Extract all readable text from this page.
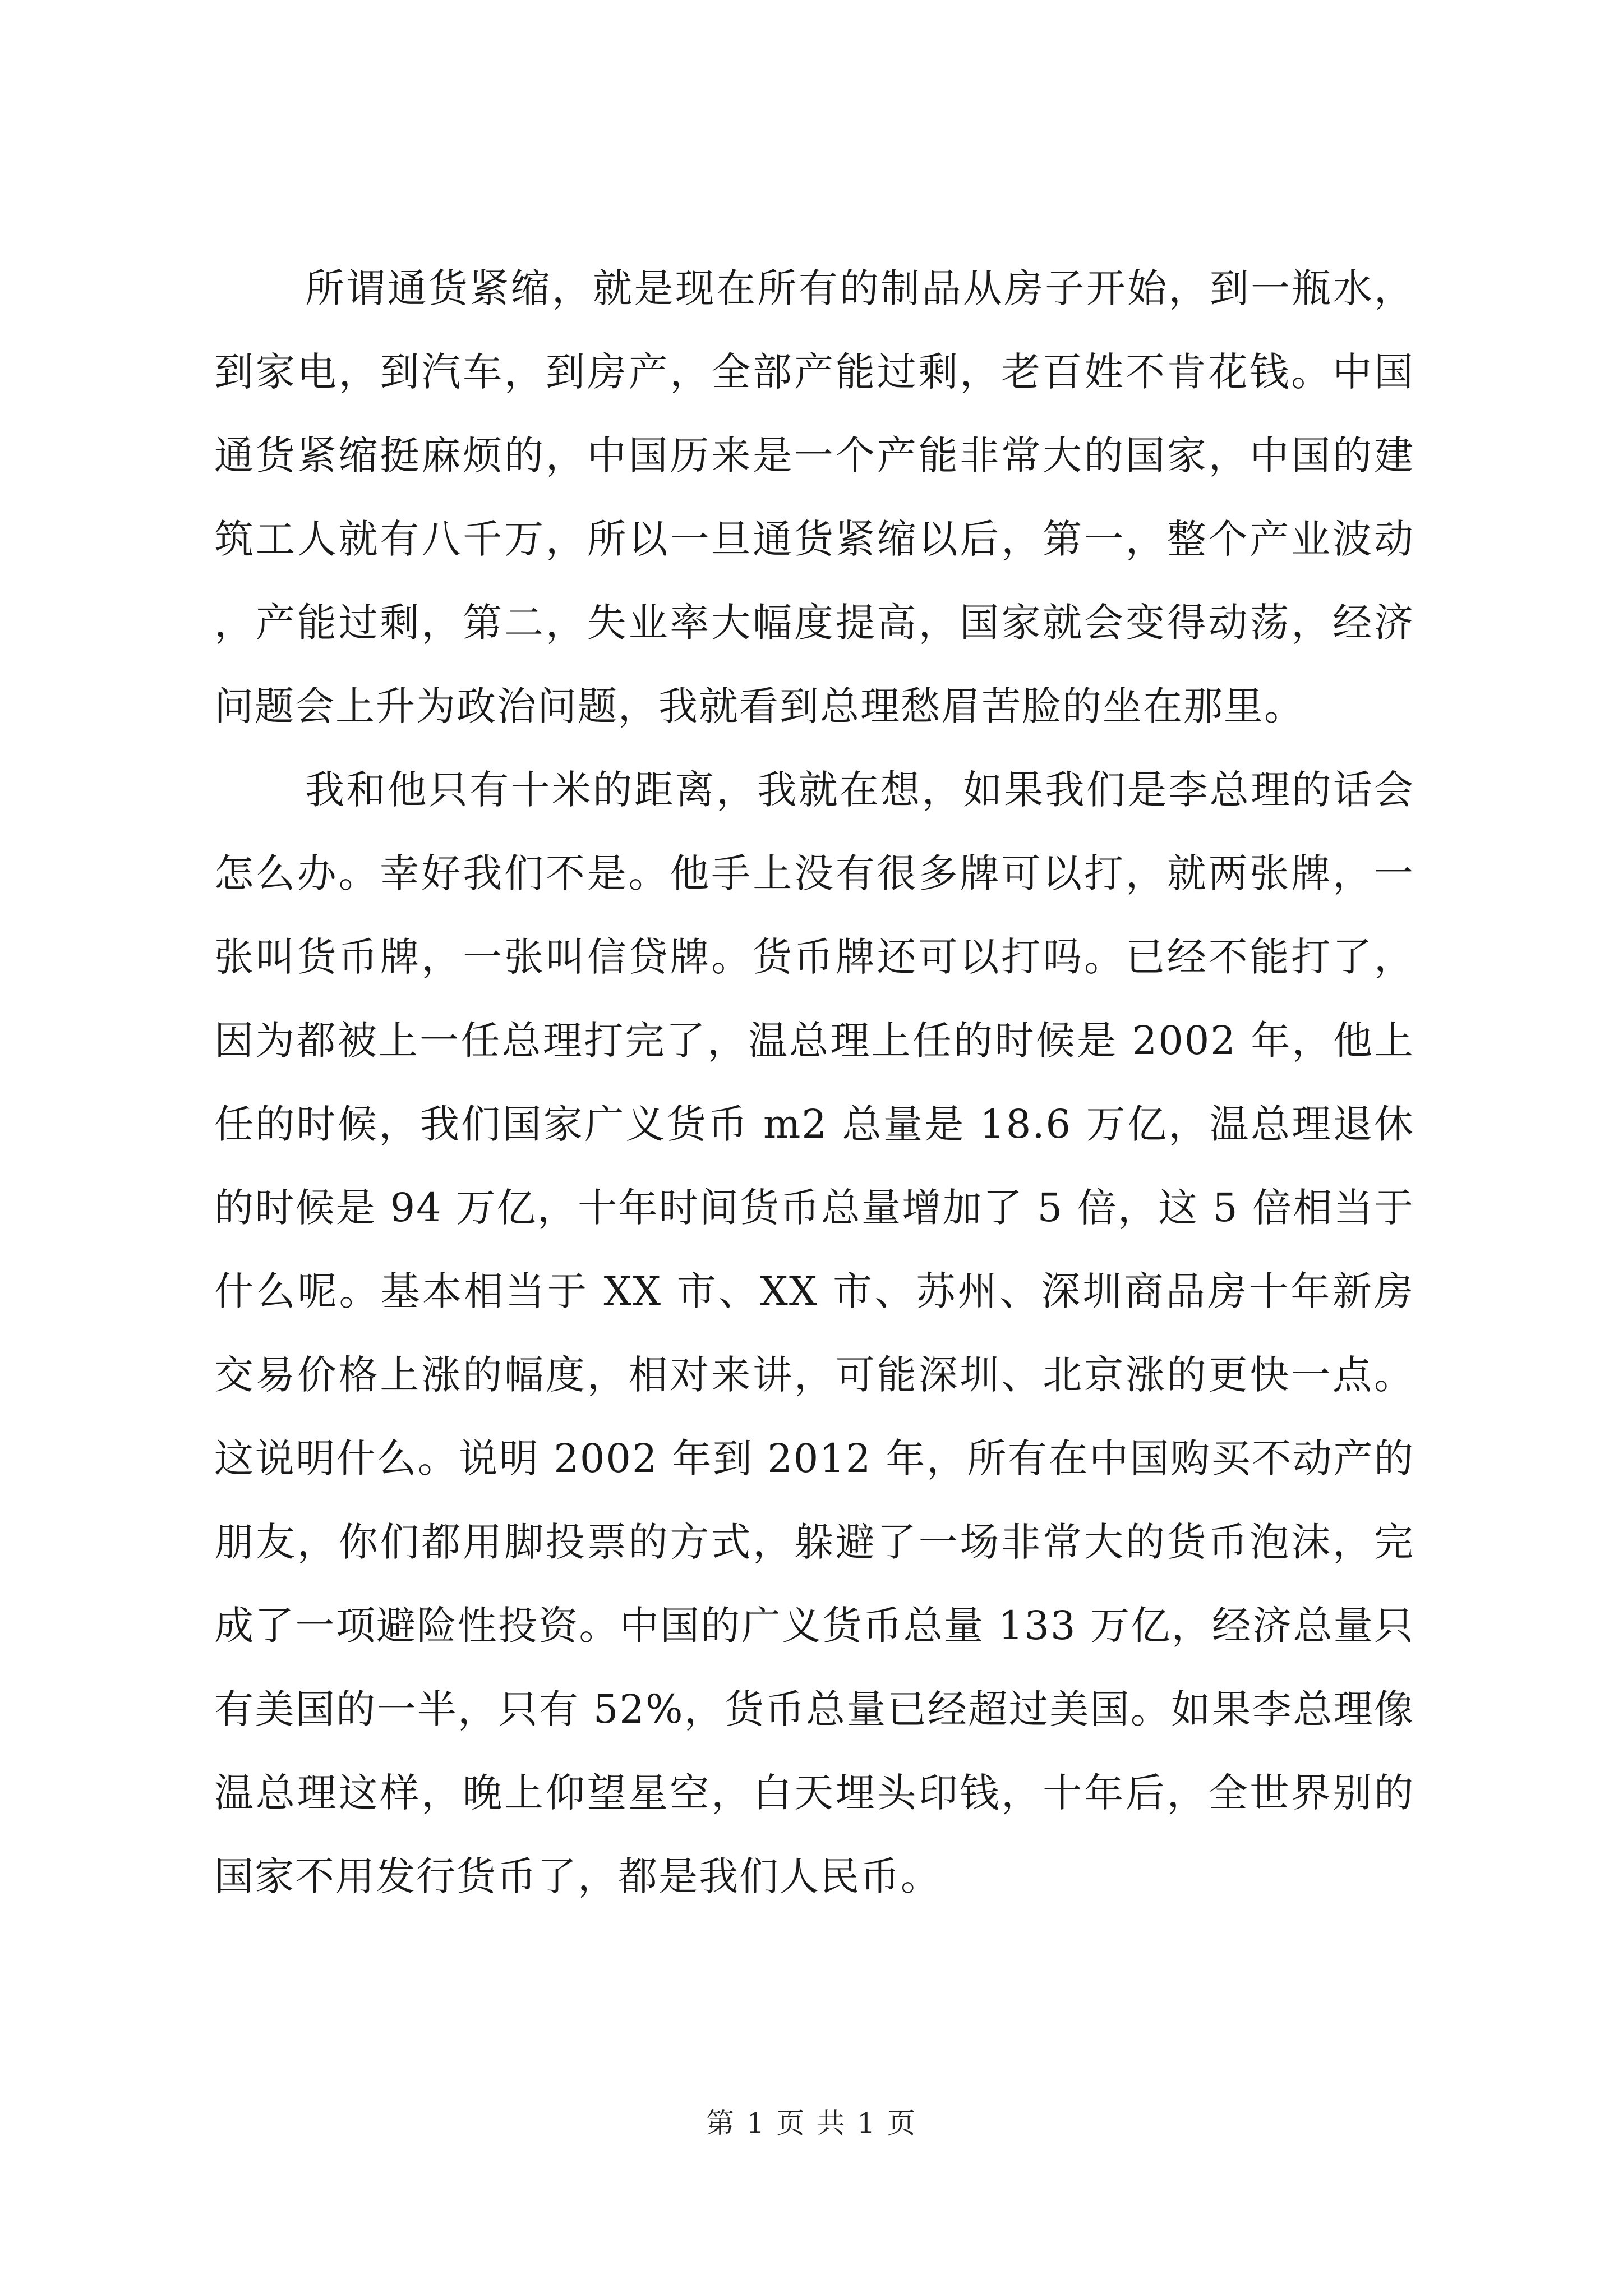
所谓通货紧缩，就是现在所有的制品从房子开始，到一瓶水，到家电，到汽车，到房产，全部产能过剩，老百姓不肯花钱。中国通货紧缩挺麻烦的，中国历来是一个产能非常大的国家，中国的建筑工人就有八千万，所以一旦通货紧缩以后，第一，整个产业波动，产能过剩，第二，失业率大幅度提高，国家就会变得动荡，经济问题会上升为政治问题，我就看到总理愁眉苦脸的坐在那里。

我和他只有十米的距离，我就在想，如果我们是李总理的话会怎么办。幸好我们不是。他手上没有很多牌可以打，就两张牌，一张叫货币牌，一张叫信贷牌。货币牌还可以打吗。已经不能打了，因为都被上一任总理打完了，温总理上任的时候是 2002 年，他上任的时候，我们国家广义货币 m2 总量是 18.6 万亿，温总理退休的时候是 94 万亿，十年时间货币总量增加了 5 倍，这 5 倍相当于什么呢。基本相当于 XX 市、XX 市、苏州、深圳商品房十年新房交易价格上涨的幅度，相对来讲，可能深圳、北京涨的更快一点。这说明什么。说明 2002 年到 2012 年，所有在中国购买不动产的朋友，你们都用脚投票的方式，躲避了一场非常大的货币泡沫，完成了一项避险性投资。中国的广义货币总量 133 万亿，经济总量只有美国的一半，只有 52%，货币总量已经超过美国。如果李总理像温总理这样，晚上仰望星空，白天埋头印钱，十年后，全世界别的国家不用发行货币了，都是我们人民币。

第 1 页 共 1 页
